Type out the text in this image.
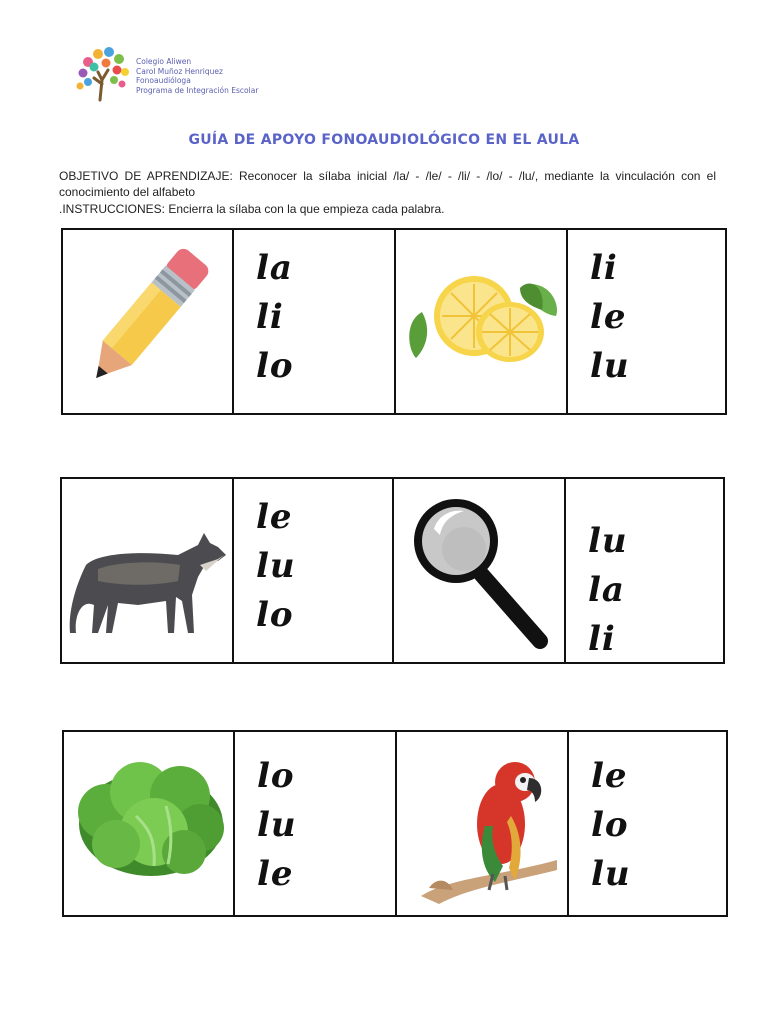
Colegio Aliwen
Carol Muñoz Henriquez
Fonoaudióloga
Programa de Integración Escolar
GUÍA DE APOYO FONOAUDIOLÓGICO EN EL AULA
OBJETIVO DE APRENDIZAJE: Reconocer la sílaba inicial /la/ - /le/ - /li/ - /lo/ - /lu/, mediante la vinculación con el conocimiento del alfabeto
.INSTRUCCIONES: Encierra la sílaba con la que empieza cada palabra.
la
li
lo
li
le
lu
le
lu
lo
lu
la
li
lo
lu
le
le
lo
lu
